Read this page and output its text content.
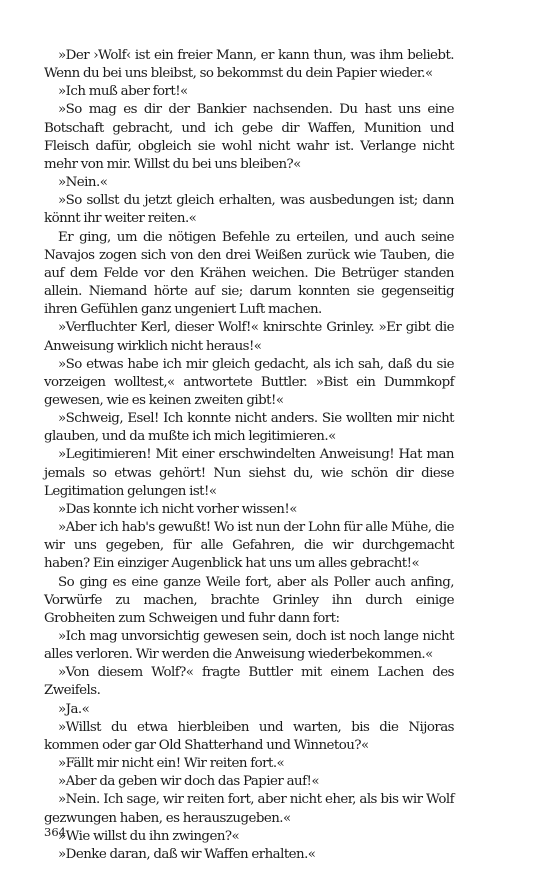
»Der ›Wolf‹ ist ein freier Mann, er kann thun, was ihm beliebt. Wenn du bei uns bleibst, so bekommst du dein Papier wieder.«

»Ich muß aber fort!«

»So mag es dir der Bankier nachsenden. Du hast uns eine Botschaft gebracht, und ich gebe dir Waffen, Munition und Fleisch dafür, obgleich sie wohl nicht wahr ist. Verlange nicht mehr von mir. Willst du bei uns bleiben?«

»Nein.«

»So sollst du jetzt gleich erhalten, was ausbedungen ist; dann könnt ihr weiter reiten.«

Er ging, um die nötigen Befehle zu erteilen, und auch seine Navajos zogen sich von den drei Weißen zurück wie Tauben, die auf dem Felde vor den Krähen weichen. Die Betrüger standen allein. Niemand hörte auf sie; darum konnten sie gegenseitig ihren Gefühlen ganz ungeniert Luft machen.

»Verfluchter Kerl, dieser Wolf!« knirschte Grinley. »Er gibt die Anweisung wirklich nicht heraus!«

»So etwas habe ich mir gleich gedacht, als ich sah, daß du sie vorzeigen wolltest,« antwortete Buttler. »Bist ein Dummkopf gewesen, wie es keinen zweiten gibt!«

»Schweig, Esel! Ich konnte nicht anders. Sie wollten mir nicht glauben, und da mußte ich mich legitimieren.«

»Legitimieren! Mit einer erschwindelten Anweisung! Hat man jemals so etwas gehört! Nun siehst du, wie schön dir diese Legitimation gelungen ist!«

»Das konnte ich nicht vorher wissen!«

»Aber ich hab's gewußt! Wo ist nun der Lohn für alle Mühe, die wir uns gegeben, für alle Gefahren, die wir durchgemacht haben? Ein einziger Augenblick hat uns um alles gebracht!«

So ging es eine ganze Weile fort, aber als Poller auch anfing, Vorwürfe zu machen, brachte Grinley ihn durch einige Grobheiten zum Schweigen und fuhr dann fort:

»Ich mag unvorsichtig gewesen sein, doch ist noch lange nicht alles verloren. Wir werden die Anweisung wiederbekommen.«

»Von diesem Wolf?« fragte Buttler mit einem Lachen des Zweifels.

»Ja.«

»Willst du etwa hierbleiben und warten, bis die Nijoras kommen oder gar Old Shatterhand und Winnetou?«

»Fällt mir nicht ein! Wir reiten fort.«

»Aber da geben wir doch das Papier auf!«

»Nein. Ich sage, wir reiten fort, aber nicht eher, als bis wir Wolf gezwungen haben, es herauszugeben.«

»Wie willst du ihn zwingen?«

»Denke daran, daß wir Waffen erhalten.«

364
